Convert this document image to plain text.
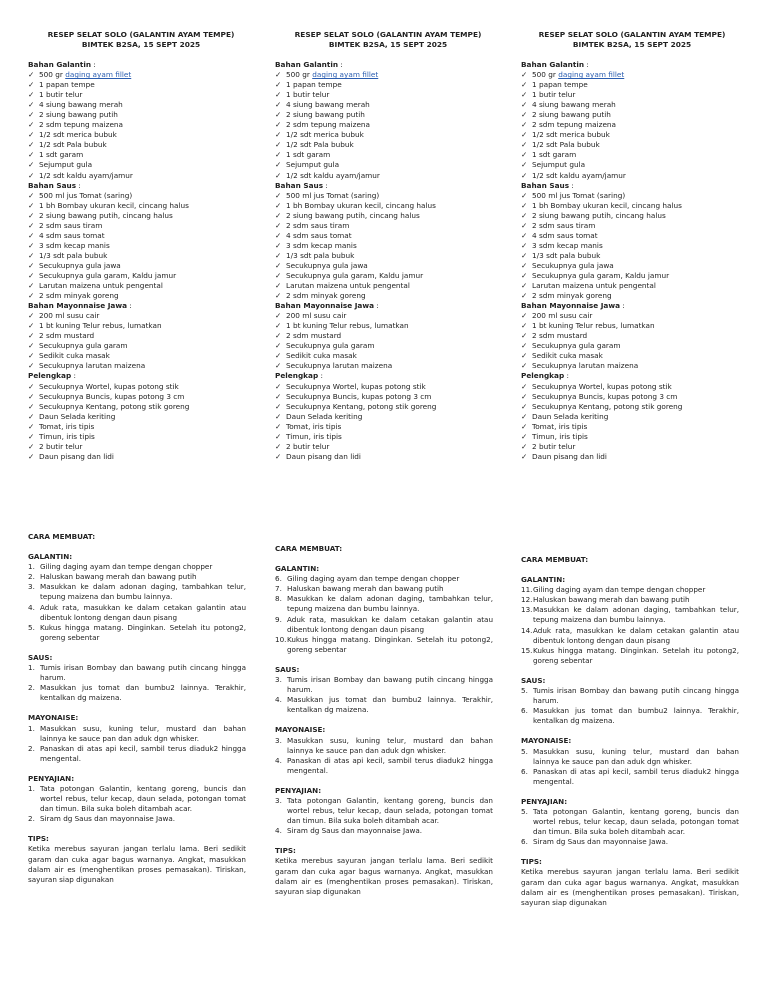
RESEP SELAT SOLO (GALANTIN AYAM TEMPE)

BIMTEK B2SA, 15 SEPT 2025

Bahan Galantin :
✓ 500 gr daging ayam fillet
✓ 1 papan tempe
✓ 1 butir telur
✓ 4 siung bawang merah
✓ 2 siung bawang putih
✓ 2 sdm tepung maizena
✓ 1/2 sdt merica bubuk
✓ 1/2 sdt Pala bubuk
✓ 1 sdt garam
✓ Sejumput gula
✓ 1/2 sdt kaldu ayam/jamur
Bahan Saus :
✓ 500 ml jus Tomat (saring)
✓ 1 bh Bombay ukuran kecil, cincang halus
✓ 2 siung bawang putih, cincang halus
✓ 2 sdm saus tiram
✓ 4 sdm saus tomat
✓ 3 sdm kecap manis
✓ 1/3 sdt pala bubuk
✓ Secukupnya gula jawa
✓ Secukupnya gula garam, Kaldu jamur
✓ Larutan maizena untuk pengental
✓ 2 sdm minyak goreng
Bahan Mayonnaise Jawa :
✓ 200 ml susu cair
✓ 1 bt kuning Telur rebus, lumatkan
✓ 2 sdm mustard
✓ Secukupnya gula garam
✓ Sedikit cuka masak
✓ Secukupnya larutan maizena
Pelengkap :
✓ Secukupnya Wortel, kupas potong stik
✓ Secukupnya Buncis, kupas potong 3 cm
✓ Secukupnya Kentang, potong stik goreng
✓ Daun Selada keriting
✓ Tomat, iris tipis
✓ Timun, iris tipis
✓ 2 butir telur
✓ Daun pisang dan lidi
CARA MEMBUAT:
GALANTIN:
1. Giling daging ayam dan tempe dengan chopper
2. Haluskan bawang merah dan bawang putih
3. Masukkan ke dalam adonan daging, tambahkan telur, tepung maizena dan bumbu lainnya.
4. Aduk rata, masukkan ke dalam cetakan galantin atau dibentuk lontong dengan daun pisang
5. Kukus hingga matang. Dinginkan. Setelah itu potong2, goreng sebentar
SAUS:
1. Tumis irisan Bombay dan bawang putih cincang hingga harum.
2. Masukkan jus tomat dan bumbu2 lainnya. Terakhir, kentalkan dg maizena.
MAYONAISE:
1. Masukkan susu, kuning telur, mustard dan bahan lainnya ke sauce pan dan aduk dgn whisker.
2. Panaskan di atas api kecil, sambil terus diaduk2 hingga mengental.
PENYAJIAN:
1. Tata potongan Galantin, kentang goreng, buncis dan wortel rebus, telur kecap, daun selada, potongan tomat dan timun. Bila suka boleh ditambah acar.
2. Siram dg Saus dan mayonnaise Jawa.
TIPS:
Ketika merebus sayuran jangan terlalu lama. Beri sedikit garam dan cuka agar bagus warnanya. Angkat, masukkan dalam air es (menghentikan proses pemasakan). Tiriskan, sayuran siap digunakan

RESEP SELAT SOLO (GALANTIN AYAM TEMPE)

BIMTEK B2SA, 15 SEPT 2025

Bahan Galantin :
✓ 500 gr daging ayam fillet
✓ 1 papan tempe
✓ 1 butir telur
✓ 4 siung bawang merah
✓ 2 siung bawang putih
✓ 2 sdm tepung maizena
✓ 1/2 sdt merica bubuk
✓ 1/2 sdt Pala bubuk
✓ 1 sdt garam
✓ Sejumput gula
✓ 1/2 sdt kaldu ayam/jamur
Bahan Saus :
✓ 500 ml jus Tomat (saring)
✓ 1 bh Bombay ukuran kecil, cincang halus
✓ 2 siung bawang putih, cincang halus
✓ 2 sdm saus tiram
✓ 4 sdm saus tomat
✓ 3 sdm kecap manis
✓ 1/3 sdt pala bubuk
✓ Secukupnya gula jawa
✓ Secukupnya gula garam, Kaldu jamur
✓ Larutan maizena untuk pengental
✓ 2 sdm minyak goreng
Bahan Mayonnaise Jawa :
✓ 200 ml susu cair
✓ 1 bt kuning Telur rebus, lumatkan
✓ 2 sdm mustard
✓ Secukupnya gula garam
✓ Sedikit cuka masak
✓ Secukupnya larutan maizena
Pelengkap :
✓ Secukupnya Wortel, kupas potong stik
✓ Secukupnya Buncis, kupas potong 3 cm
✓ Secukupnya Kentang, potong stik goreng
✓ Daun Selada keriting
✓ Tomat, iris tipis
✓ Timun, iris tipis
✓ 2 butir telur
✓ Daun pisang dan lidi
CARA MEMBUAT:
GALANTIN:
6. Giling daging ayam dan tempe dengan chopper
7. Haluskan bawang merah dan bawang putih
8. Masukkan ke dalam adonan daging, tambahkan telur, tepung maizena dan bumbu lainnya.
9. Aduk rata, masukkan ke dalam cetakan galantin atau dibentuk lontong dengan daun pisang
10. Kukus hingga matang. Dinginkan. Setelah itu potong2, goreng sebentar
SAUS:
3. Tumis irisan Bombay dan bawang putih cincang hingga harum.
4. Masukkan jus tomat dan bumbu2 lainnya. Terakhir, kentalkan dg maizena.
MAYONAISE:
3. Masukkan susu, kuning telur, mustard dan bahan lainnya ke sauce pan dan aduk dgn whisker.
4. Panaskan di atas api kecil, sambil terus diaduk2 hingga mengental.
PENYAJIAN:
3. Tata potongan Galantin, kentang goreng, buncis dan wortel rebus, telur kecap, daun selada, potongan tomat dan timun. Bila suka boleh ditambah acar.
4. Siram dg Saus dan mayonnaise Jawa.
TIPS:
Ketika merebus sayuran jangan terlalu lama. Beri sedikit garam dan cuka agar bagus warnanya. Angkat, masukkan dalam air es (menghentikan proses pemasakan). Tiriskan, sayuran siap digunakan

RESEP SELAT SOLO (GALANTIN AYAM TEMPE)

BIMTEK B2SA, 15 SEPT 2025

Bahan Galantin :
✓ 500 gr daging ayam fillet
✓ 1 papan tempe
✓ 1 butir telur
✓ 4 siung bawang merah
✓ 2 siung bawang putih
✓ 2 sdm tepung maizena
✓ 1/2 sdt merica bubuk
✓ 1/2 sdt Pala bubuk
✓ 1 sdt garam
✓ Sejumput gula
✓ 1/2 sdt kaldu ayam/jamur
Bahan Saus :
✓ 500 ml jus Tomat (saring)
✓ 1 bh Bombay ukuran kecil, cincang halus
✓ 2 siung bawang putih, cincang halus
✓ 2 sdm saus tiram
✓ 4 sdm saus tomat
✓ 3 sdm kecap manis
✓ 1/3 sdt pala bubuk
✓ Secukupnya gula jawa
✓ Secukupnya gula garam, Kaldu jamur
✓ Larutan maizena untuk pengental
✓ 2 sdm minyak goreng
Bahan Mayonnaise Jawa :
✓ 200 ml susu cair
✓ 1 bt kuning Telur rebus, lumatkan
✓ 2 sdm mustard
✓ Secukupnya gula garam
✓ Sedikit cuka masak
✓ Secukupnya larutan maizena
Pelengkap :
✓ Secukupnya Wortel, kupas potong stik
✓ Secukupnya Buncis, kupas potong 3 cm
✓ Secukupnya Kentang, potong stik goreng
✓ Daun Selada keriting
✓ Tomat, iris tipis
✓ Timun, iris tipis
✓ 2 butir telur
✓ Daun pisang dan lidi
CARA MEMBUAT:
GALANTIN:
11. Giling daging ayam dan tempe dengan chopper
12. Haluskan bawang merah dan bawang putih
13. Masukkan ke dalam adonan daging, tambahkan telur, tepung maizena dan bumbu lainnya.
14. Aduk rata, masukkan ke dalam cetakan galantin atau dibentuk lontong dengan daun pisang
15. Kukus hingga matang. Dinginkan. Setelah itu potong2, goreng sebentar
SAUS:
5. Tumis irisan Bombay dan bawang putih cincang hingga harum.
6. Masukkan jus tomat dan bumbu2 lainnya. Terakhir, kentalkan dg maizena.
MAYONAISE:
5. Masukkan susu, kuning telur, mustard dan bahan lainnya ke sauce pan dan aduk dgn whisker.
6. Panaskan di atas api kecil, sambil terus diaduk2 hingga mengental.
PENYAJIAN:
5. Tata potongan Galantin, kentang goreng, buncis dan wortel rebus, telur kecap, daun selada, potongan tomat dan timun. Bila suka boleh ditambah acar.
6. Siram dg Saus dan mayonnaise Jawa.
TIPS:
Ketika merebus sayuran jangan terlalu lama. Beri sedikit garam dan cuka agar bagus warnanya. Angkat, masukkan dalam air es (menghentikan proses pemasakan). Tiriskan, sayuran siap digunakan
